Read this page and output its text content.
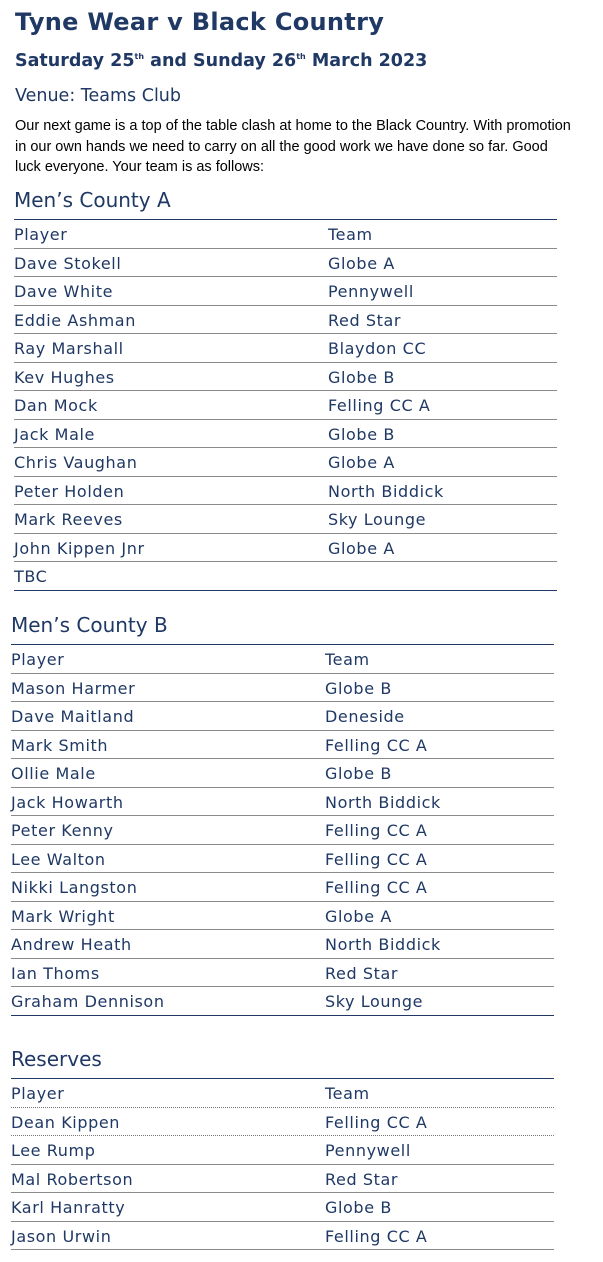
Tyne Wear v Black Country
Saturday 25th and Sunday 26th March 2023
Venue: Teams Club

Our next game is a top of the table clash at home to the Black Country. With promotion in our own hands we need to carry on all the good work we have done so far. Good luck everyone. Your team is as follows:

Men’s County A
Player	Team
Dave Stokell	Globe A
Dave White	Pennywell
Eddie Ashman	Red Star
Ray Marshall	Blaydon CC
Kev Hughes	Globe B
Dan Mock	Felling CC A
Jack Male	Globe B
Chris Vaughan	Globe A
Peter Holden	North Biddick
Mark Reeves	Sky Lounge
John Kippen Jnr	Globe A
TBC
Men’s County B
Player	Team
Mason Harmer	Globe B
Dave Maitland	Deneside
Mark Smith	Felling CC A
Ollie Male	Globe B
Jack Howarth	North Biddick
Peter Kenny	Felling CC A
Lee Walton	Felling CC A
Nikki Langston	Felling CC A
Mark Wright	Globe A
Andrew Heath	North Biddick
Ian Thoms	Red Star
Graham Dennison	Sky Lounge
Reserves
Player	Team
Dean Kippen	Felling CC A
Lee Rump	Pennywell
Mal Robertson	Red Star
Karl Hanratty	Globe B
Jason Urwin	Felling CC A
